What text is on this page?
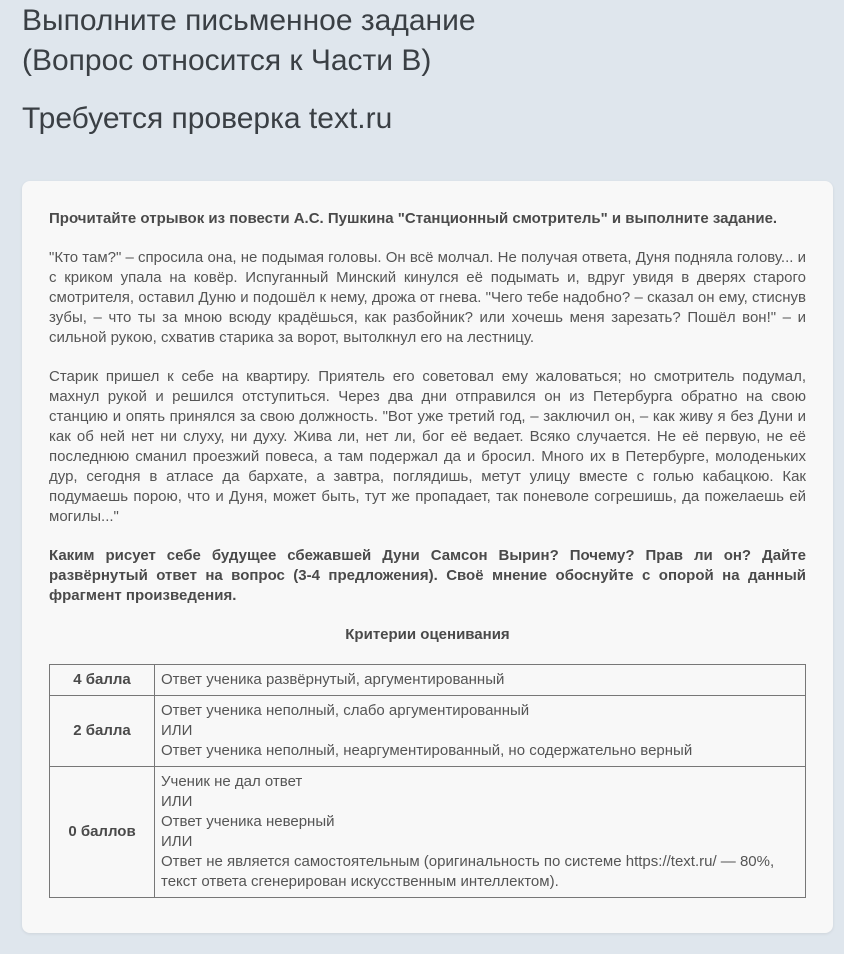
Выполните письменное задание
(Вопрос относится к Части В)
Требуется проверка text.ru

Прочитайте отрывок из повести А.С. Пушкина "Станционный смотритель" и выполните задание.

"Кто там?" – спросила она, не подымая головы. Он всё молчал. Не получая ответа, Дуня подняла голову... и с криком упала на ковёр. Испуганный Минский кинулся её подымать и, вдруг увидя в дверях старого смотрителя, оставил Дуню и подошёл к нему, дрожа от гнева. "Чего тебе надобно? – сказал он ему, стиснув зубы, – что ты за мною всюду крадёшься, как разбойник? или хочешь меня зарезать? Пошёл вон!" – и сильной рукою, схватив старика за ворот, вытолкнул его на лестницу.

Старик пришел к себе на квартиру. Приятель его советовал ему жаловаться; но смотритель подумал, махнул рукой и решился отступиться. Через два дни отправился он из Петербурга обратно на свою станцию и опять принялся за свою должность. "Вот уже третий год, – заключил он, – как живу я без Дуни и как об ней нет ни слуху, ни духу. Жива ли, нет ли, бог её ведает. Всяко случается. Не её первую, не её последнюю сманил проезжий повеса, а там подержал да и бросил. Много их в Петербурге, молоденьких дур, сегодня в атласе да бархате, а завтра, поглядишь, метут улицу вместе с голью кабацкою. Как подумаешь порою, что и Дуня, может быть, тут же пропадает, так поневоле согрешишь, да пожелаешь ей могилы..."

Каким рисует себе будущее сбежавшей Дуни Самсон Вырин? Почему? Прав ли он? Дайте развёрнутый ответ на вопрос (3-4 предложения). Своё мнение обоснуйте с опорой на данный фрагмент произведения.

Критерии оценивания

4 балла	Ответ ученика развёрнутый, аргументированный

2 балла	Ответ ученика неполный, слабо аргументированный
ИЛИ
Ответ ученика неполный, неаргументированный, но содержательно верный

0 баллов	Ученик не дал ответ
ИЛИ
Ответ ученика неверный
ИЛИ
Ответ не является самостоятельным (оригинальность по системе https://text.ru/ — 80%, текст ответа сгенерирован искусственным интеллектом).
